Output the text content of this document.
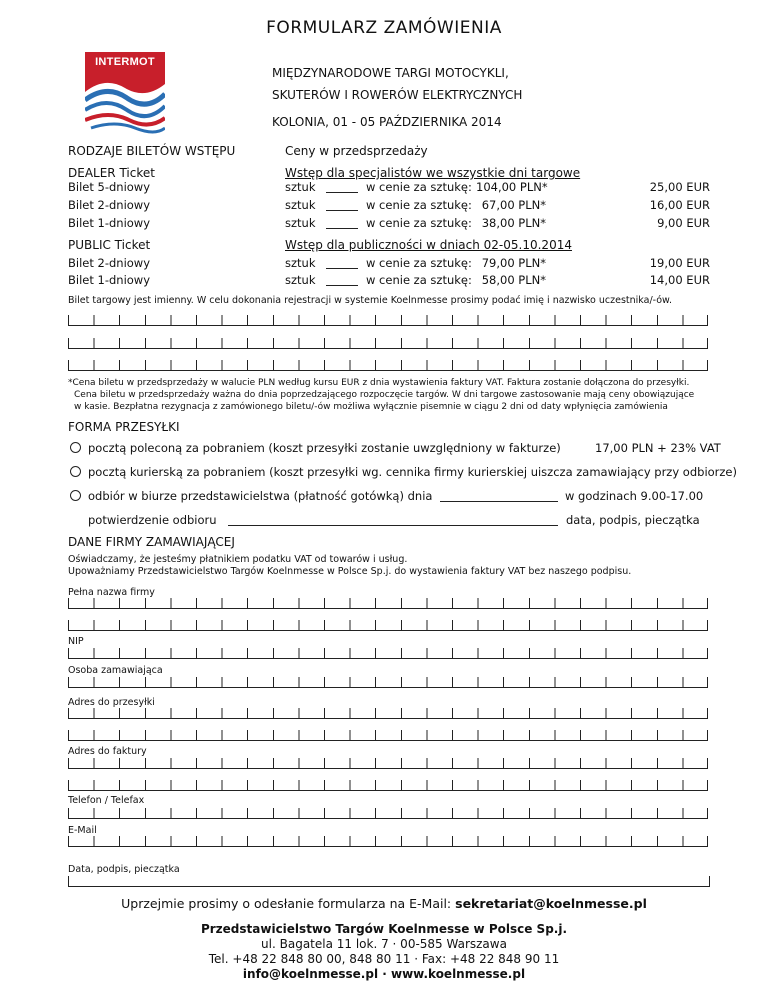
FORMULARZ ZAMÓWIENIA
INTERMOT
MIĘDZYNARODOWE TARGI MOTOCYKLI,
SKUTERÓW I ROWERÓW ELEKTRYCZNYCH
KOLONIA, 01 - 05 PAŹDZIERNIKA 2014
RODZAJE BILETÓW WSTĘPU	Ceny w przedsprzedaży
DEALER Ticket	Wstęp dla specjalistów we wszystkie dni targowe
Bilet 5-dniowy	sztuk	w cenie za sztukę: 104,00 PLN*	25,00 EUR
Bilet 2-dniowy	sztuk	w cenie za sztukę: 67,00 PLN*	16,00 EUR
Bilet 1-dniowy	sztuk	w cenie za sztukę: 38,00 PLN*	9,00 EUR
PUBLIC Ticket	Wstęp dla publiczności w dniach 02-05.10.2014
Bilet 2-dniowy	sztuk	w cenie za sztukę: 79,00 PLN*	19,00 EUR
Bilet 1-dniowy	sztuk	w cenie za sztukę: 58,00 PLN*	14,00 EUR
Bilet targowy jest imienny. W celu dokonania rejestracji w systemie Koelnmesse prosimy podać imię i nazwisko uczestnika/-ów.
*Cena biletu w przedsprzedaży w walucie PLN według kursu EUR z dnia wystawienia faktury VAT. Faktura zostanie dołączona do przesyłki.
Cena biletu w przedsprzedaży ważna do dnia poprzedzającego rozpoczęcie targów. W dni targowe zastosowanie mają ceny obowiązujące
w kasie. Bezpłatna rezygnacja z zamówionego biletu/-ów możliwa wyłącznie pisemnie w ciągu 2 dni od daty wpłynięcia zamówienia
FORMA PRZESYŁKI
pocztą poleconą za pobraniem (koszt przesyłki zostanie uwzględniony w fakturze)	17,00 PLN + 23% VAT
pocztą kurierską za pobraniem (koszt przesyłki wg. cennika firmy kurierskiej uiszcza zamawiający przy odbiorze)
odbiór w biurze przedstawicielstwa (płatność gotówką) dnia	w godzinach 9.00-17.00
potwierdzenie odbioru	data, podpis, pieczątka
DANE FIRMY ZAMAWIAJĄCEJ
Oświadczamy, że jesteśmy płatnikiem podatku VAT od towarów i usług.
Upoważniamy Przedstawicielstwo Targów Koelnmesse w Polsce Sp.j. do wystawienia faktury VAT bez naszego podpisu.
Pełna nazwa firmy
NIP
Osoba zamawiająca
Adres do przesyłki
Adres do faktury
Telefon / Telefax
E-Mail
Data, podpis, pieczątka
Uprzejmie prosimy o odesłanie formularza na E-Mail: sekretariat@koelnmesse.pl
Przedstawicielstwo Targów Koelnmesse w Polsce Sp.j.
ul. Bagatela 11 lok. 7 · 00-585 Warszawa
Tel. +48 22 848 80 00, 848 80 11 · Fax: +48 22 848 90 11
info@koelnmesse.pl · www.koelnmesse.pl
